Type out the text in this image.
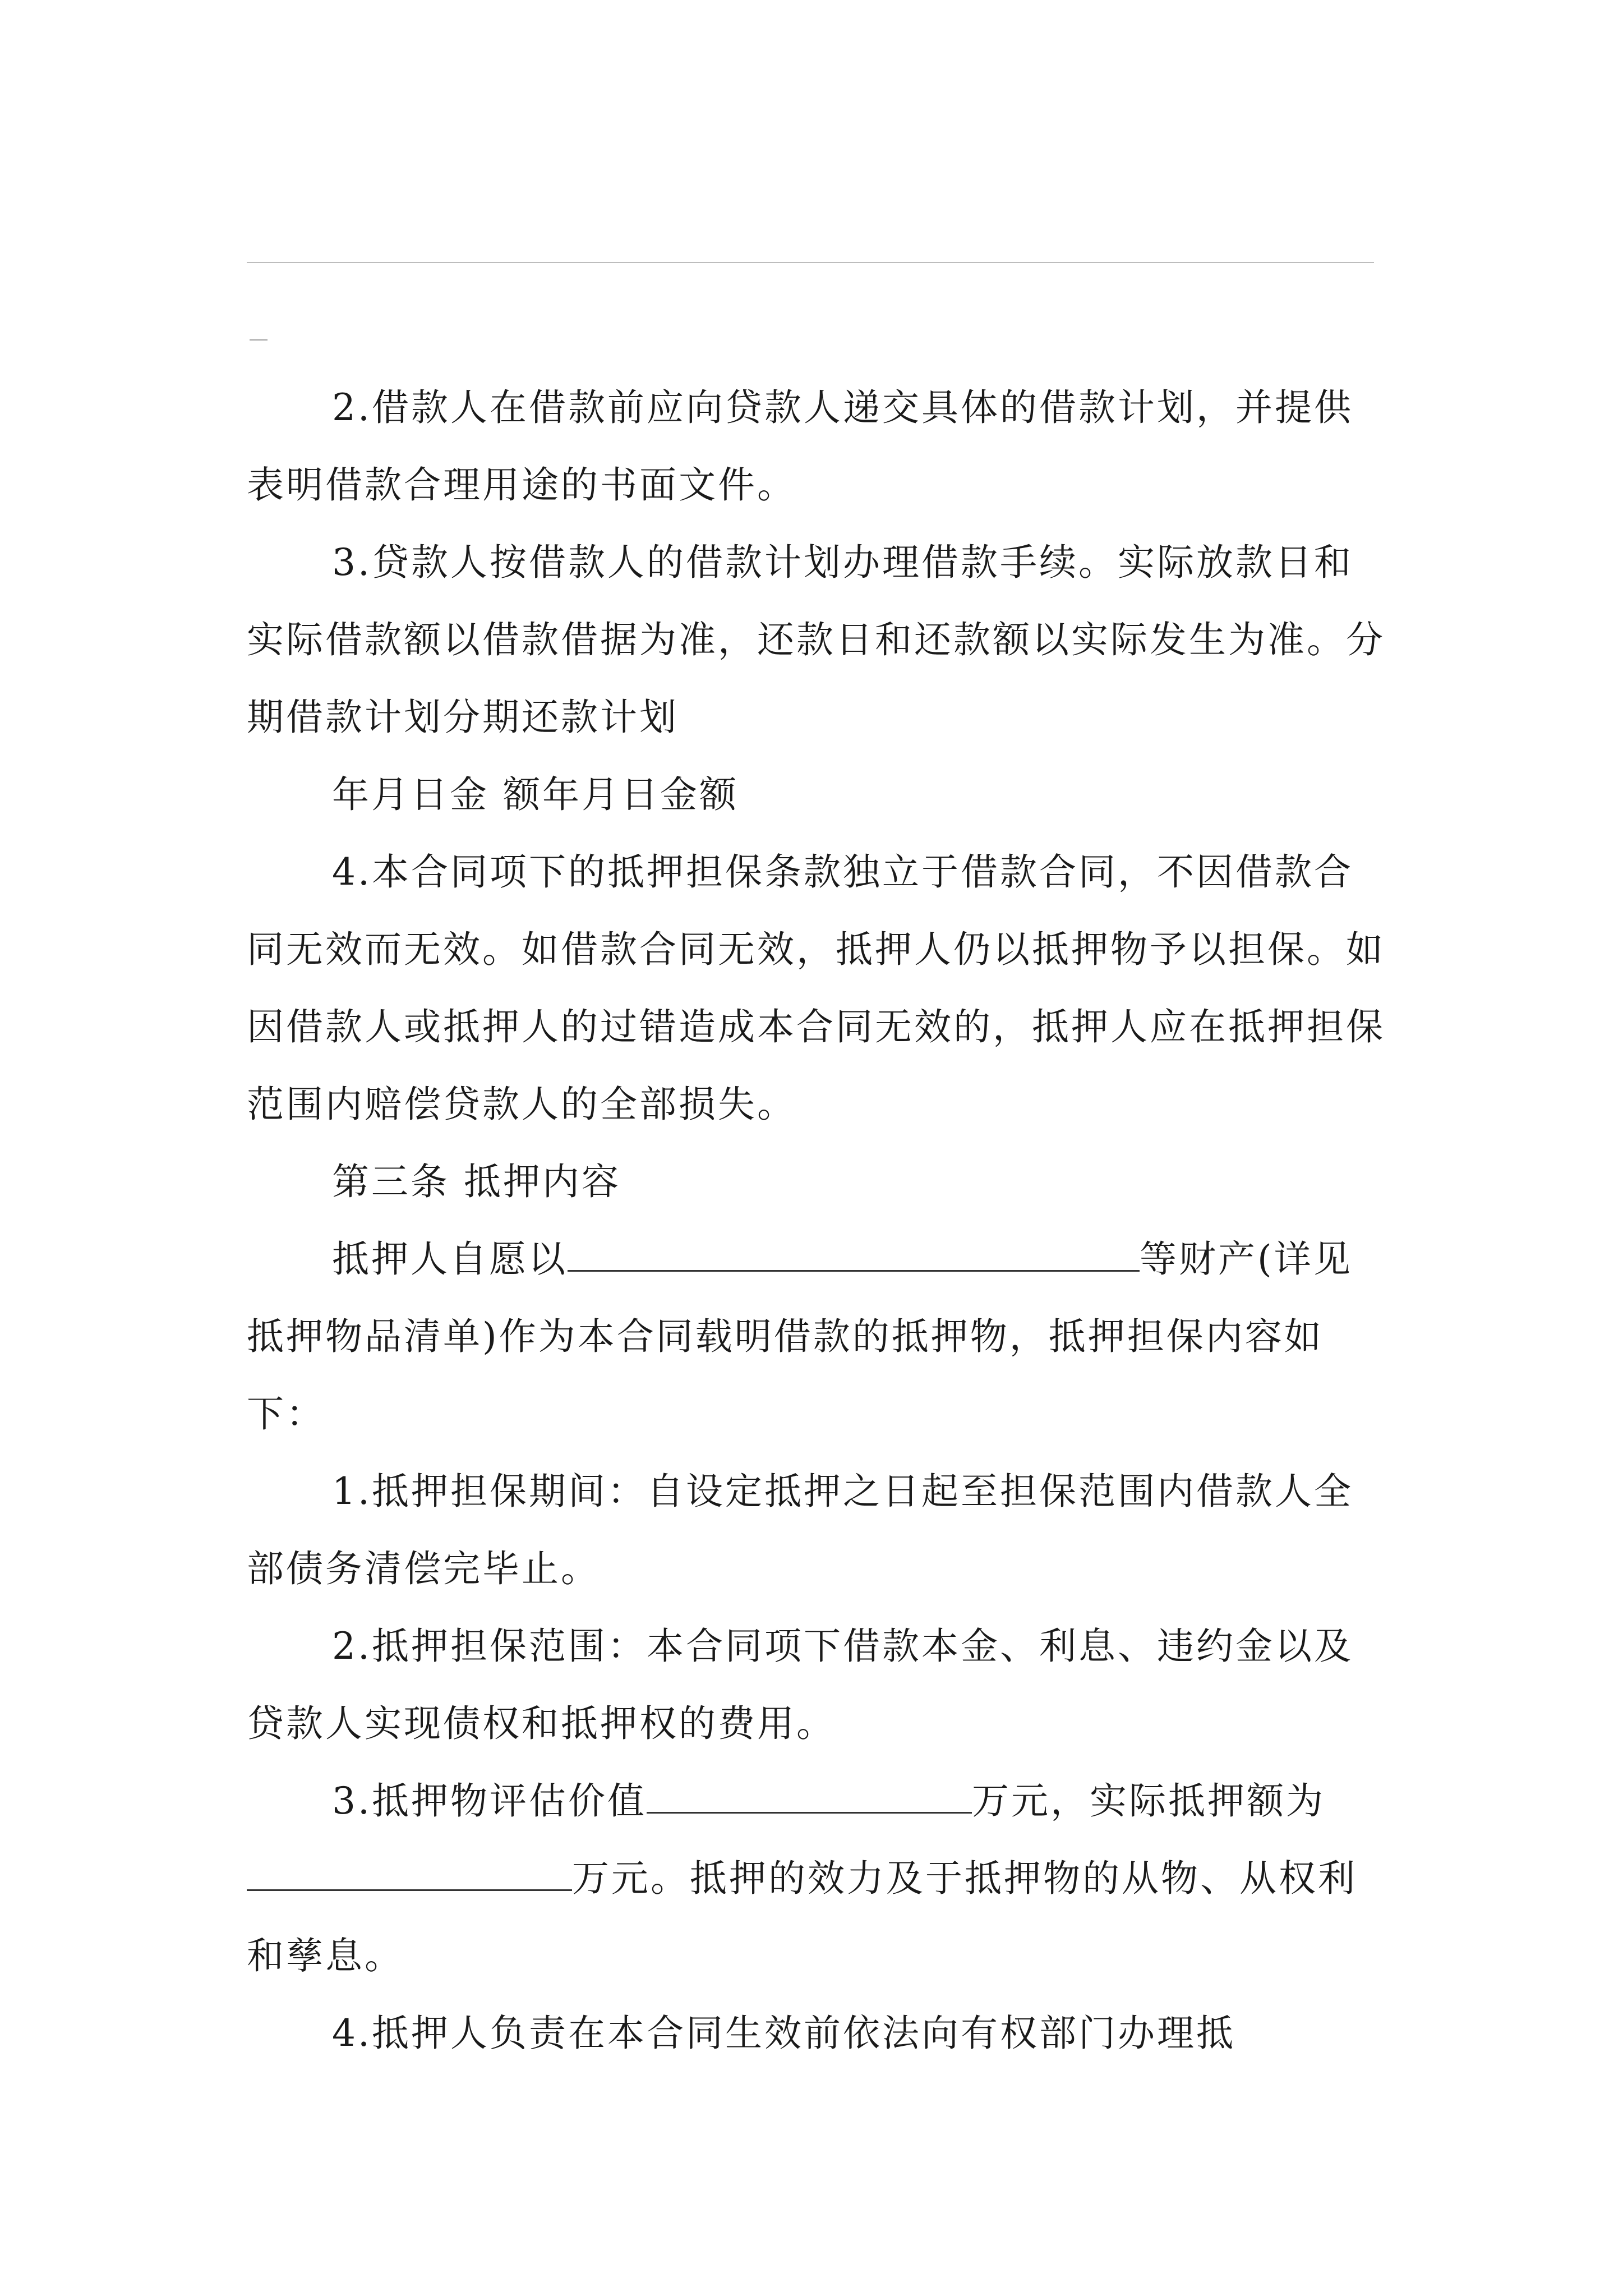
2.借款人在借款前应向贷款人递交具体的借款计划，并提供表明借款合理用途的书面文件。

3.贷款人按借款人的借款计划办理借款手续。实际放款日和实际借款额以借款借据为准，还款日和还款额以实际发生为准。分期借款计划分期还款计划

年月日金 额年月日金额

4.本合同项下的抵押担保条款独立于借款合同，不因借款合同无效而无效。如借款合同无效，抵押人仍以抵押物予以担保。如因借款人或抵押人的过错造成本合同无效的，抵押人应在抵押担保范围内赔偿贷款人的全部损失。

第三条 抵押内容

抵押人自愿以	等财产(详见抵押物品清单)作为本合同载明借款的抵押物，抵押担保内容如下：

1.抵押担保期间：自设定抵押之日起至担保范围内借款人全部债务清偿完毕止。

2.抵押担保范围：本合同项下借款本金、利息、违约金以及贷款人实现债权和抵押权的费用。

3.抵押物评估价值	万元，实际抵押额为万元。抵押的效力及于抵押物的从物、从权利和孳息。

4.抵押人负责在本合同生效前依法向有权部门办理抵
